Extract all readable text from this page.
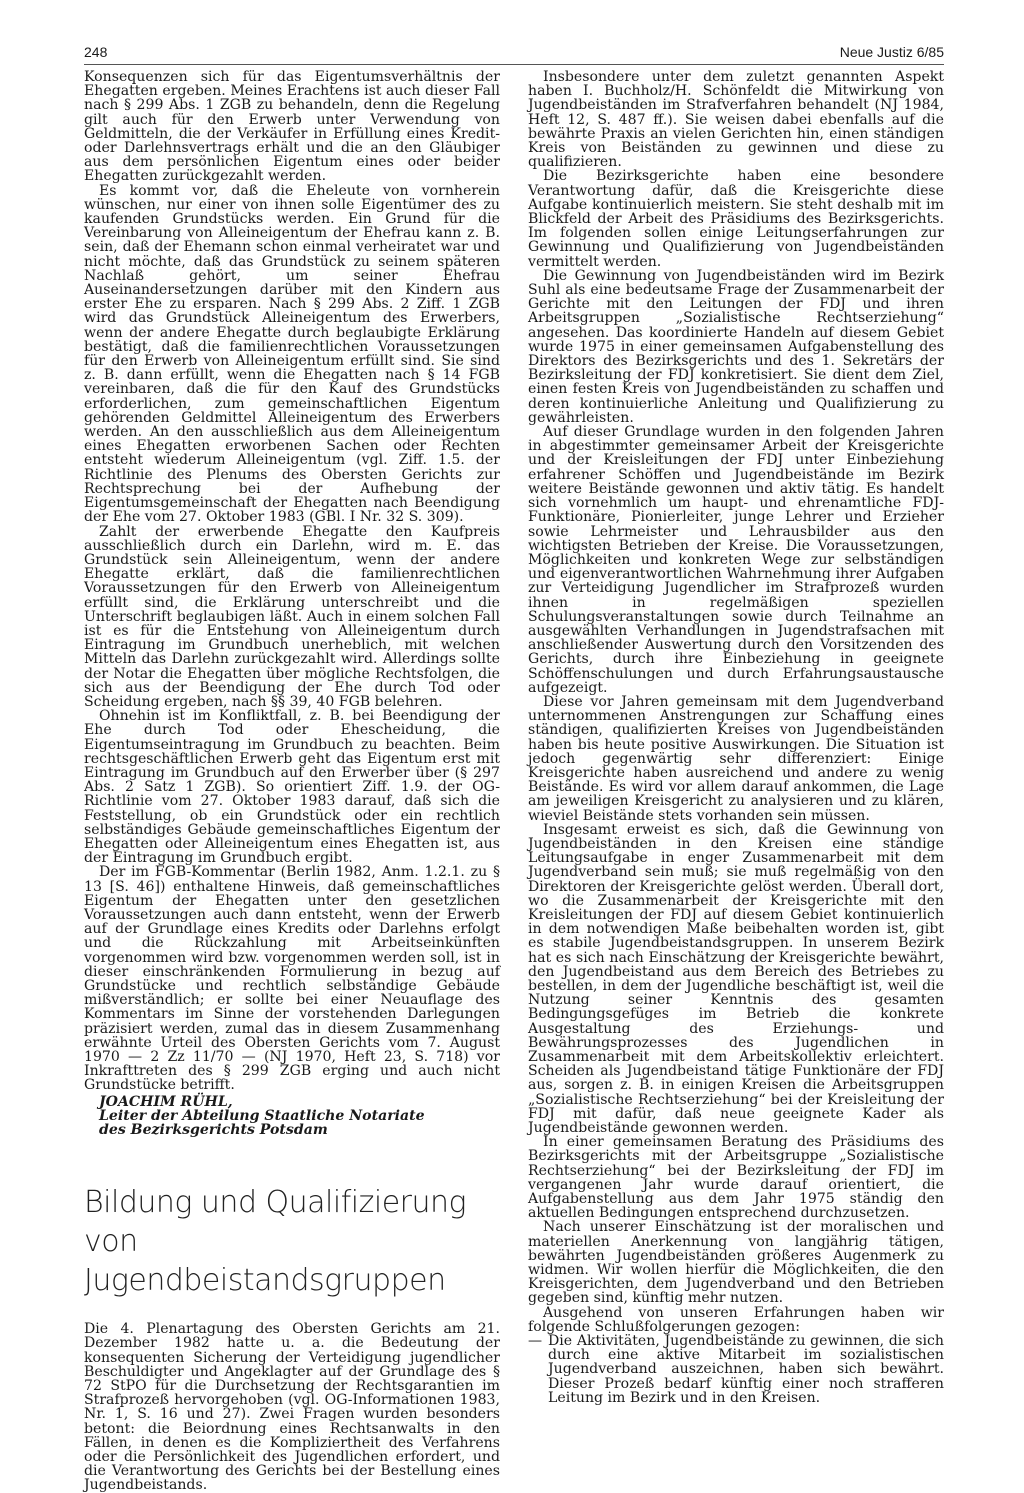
248	Neue Justiz 6/85

Konsequenzen sich für das Eigentumsverhältnis der Ehegatten ergeben. Meines Erachtens ist auch dieser Fall nach § 299 Abs. 1 ZGB zu behandeln, denn die Regelung gilt auch für den Erwerb unter Verwendung von Geldmitteln, die der Verkäufer in Erfüllung eines Kredit- oder Darlehnsvertrags erhält und die an den Gläubiger aus dem persönlichen Eigentum eines oder beider Ehegatten zurückgezahlt werden.

Es kommt vor, daß die Eheleute von vornherein wünschen, nur einer von ihnen solle Eigentümer des zu kaufenden Grundstücks werden. Ein Grund für die Vereinbarung von Alleineigentum der Ehefrau kann z. B. sein, daß der Ehemann schon einmal verheiratet war und nicht möchte, daß das Grundstück zu seinem späteren Nachlaß gehört, um seiner Ehefrau Auseinandersetzungen darüber mit den Kindern aus erster Ehe zu ersparen. Nach § 299 Abs. 2 Ziff. 1 ZGB wird das Grundstück Alleineigentum des Erwerbers, wenn der andere Ehegatte durch beglaubigte Erklärung bestätigt, daß die familienrechtlichen Voraussetzungen für den Erwerb von Alleineigentum erfüllt sind. Sie sind z. B. dann erfüllt, wenn die Ehegatten nach § 14 FGB vereinbaren, daß die für den Kauf des Grundstücks erforderlichen, zum gemeinschaftlichen Eigentum gehörenden Geldmittel Alleineigentum des Erwerbers werden. An den ausschließlich aus dem Alleineigentum eines Ehegatten erworbenen Sachen oder Rechten entsteht wiederum Alleineigentum (vgl. Ziff. 1.5. der Richtlinie des Plenums des Obersten Gerichts zur Rechtsprechung bei der Aufhebung der Eigentumsgemeinschaft der Ehegatten nach Beendigung der Ehe vom 27. Oktober 1983 (GBl. I Nr. 32 S. 309).

Zahlt der erwerbende Ehegatte den Kaufpreis ausschließlich durch ein Darlehn, wird m. E. das Grundstück sein Alleineigentum, wenn der andere Ehegatte erklärt, daß die familienrechtlichen Voraussetzungen für den Erwerb von Alleineigentum erfüllt sind, die Erklärung unterschreibt und die Unterschrift beglaubigen läßt. Auch in einem solchen Fall ist es für die Entstehung von Alleineigentum durch Eintragung im Grundbuch unerheblich, mit welchen Mitteln das Darlehn zurückgezahlt wird. Allerdings sollte der Notar die Ehegatten über mögliche Rechtsfolgen, die sich aus der Beendigung der Ehe durch Tod oder Scheidung ergeben, nach §§ 39, 40 FGB belehren.

Ohnehin ist im Konfliktfall, z. B. bei Beendigung der Ehe durch Tod oder Ehescheidung, die Eigentumseintragung im Grundbuch zu beachten. Beim rechtsgeschäftlichen Erwerb geht das Eigentum erst mit Eintragung im Grundbuch auf den Erwerber über (§ 297 Abs. 2 Satz 1 ZGB). So orientiert Ziff. 1.9. der OG-Richtlinie vom 27. Oktober 1983 darauf, daß sich die Feststellung, ob ein Grundstück oder ein rechtlich selbständiges Gebäude gemeinschaftliches Eigentum der Ehegatten oder Alleineigentum eines Ehegatten ist, aus der Eintragung im Grundbuch ergibt.

Der im FGB-Kommentar (Berlin 1982, Anm. 1.2.1. zu § 13 [S. 46]) enthaltene Hinweis, daß gemeinschaftliches Eigentum der Ehegatten unter den gesetzlichen Voraussetzungen auch dann entsteht, wenn der Erwerb auf der Grundlage eines Kredits oder Darlehns erfolgt und die Rückzahlung mit Arbeitseinkünften vorgenommen wird bzw. vorgenommen werden soll, ist in dieser einschränkenden Formulierung in bezug auf Grundstücke und rechtlich selbständige Gebäude mißverständlich; er sollte bei einer Neuauflage des Kommentars im Sinne der vorstehenden Darlegungen präzisiert werden, zumal das in diesem Zusammenhang erwähnte Urteil des Obersten Gerichts vom 7. August 1970 — 2 Zz 11/70 — (NJ 1970, Heft 23, S. 718) vor Inkrafttreten des § 299 ZGB erging und auch nicht Grundstücke betrifft.

JOACHIM RÜHL,
Leiter der Abteilung Staatliche Notariate
des Bezirksgerichts Potsdam
Bildung und Qualifizierung
von Jugendbeistandsgruppen

Die 4. Plenartagung des Obersten Gerichts am 21. Dezember 1982 hatte u. a. die Bedeutung der konsequenten Sicherung der Verteidigung jugendlicher Beschuldigter und Angeklagter auf der Grundlage des § 72 StPO für die Durchsetzung der Rechtsgarantien im Strafprozeß hervorgehoben (vgl. OG-Informationen 1983, Nr. 1, S. 16 und 27). Zwei Fragen wurden besonders betont: die Beiordnung eines Rechtsanwalts in den Fällen, in denen es die Kompliziertheit des Verfahrens oder die Persönlichkeit des Jugendlichen erfordert, und die Verantwortung des Gerichts bei der Bestellung eines Jugendbeistands.

Insbesondere unter dem zuletzt genannten Aspekt haben I. Buchholz/H. Schönfeldt die Mitwirkung von Jugendbeiständen im Strafverfahren behandelt (NJ 1984, Heft 12, S. 487 ff.). Sie weisen dabei ebenfalls auf die bewährte Praxis an vielen Gerichten hin, einen ständigen Kreis von Beiständen zu gewinnen und diese zu qualifizieren.

Die Bezirksgerichte haben eine besondere Verantwortung dafür, daß die Kreisgerichte diese Aufgabe kontinuierlich meistern. Sie steht deshalb mit im Blickfeld der Arbeit des Präsidiums des Bezirksgerichts. Im folgenden sollen einige Leitungserfahrungen zur Gewinnung und Qualifizierung von Jugendbeiständen vermittelt werden.

Die Gewinnung von Jugendbeiständen wird im Bezirk Suhl als eine bedeutsame Frage der Zusammenarbeit der Gerichte mit den Leitungen der FDJ und ihren Arbeitsgruppen „Sozialistische Rechtserziehung“ angesehen. Das koordinierte Handeln auf diesem Gebiet wurde 1975 in einer gemeinsamen Aufgabenstellung des Direktors des Bezirksgerichts und des 1. Sekretärs der Bezirksleitung der FDJ konkretisiert. Sie dient dem Ziel, einen festen Kreis von Jugendbeiständen zu schaffen und deren kontinuierliche Anleitung und Qualifizierung zu gewährleisten.

Auf dieser Grundlage wurden in den folgenden Jahren in abgestimmter gemeinsamer Arbeit der Kreisgerichte und der Kreisleitungen der FDJ unter Einbeziehung erfahrener Schöffen und Jugendbeistände im Bezirk weitere Beistände gewonnen und aktiv tätig. Es handelt sich vornehmlich um haupt- und ehrenamtliche FDJ-Funktionäre, Pionierleiter, junge Lehrer und Erzieher sowie Lehrmeister und Lehrausbilder aus den wichtigsten Betrieben der Kreise. Die Voraussetzungen, Möglichkeiten und konkreten Wege zur selbständigen und eigenverantwortlichen Wahrnehmung ihrer Aufgaben zur Verteidigung Jugendlicher im Strafprozeß wurden ihnen in regelmäßigen speziellen Schulungsveranstaltungen sowie durch Teilnahme an ausgewählten Verhandlungen in Jugendstrafsachen mit anschließender Auswertung durch den Vorsitzenden des Gerichts, durch ihre Einbeziehung in geeignete Schöffenschulungen und durch Erfahrungsaustausche aufgezeigt.

Diese vor Jahren gemeinsam mit dem Jugendverband unternommenen Anstrengungen zur Schaffung eines ständigen, qualifizierten Kreises von Jugendbeiständen haben bis heute positive Auswirkungen. Die Situation ist jedoch gegenwärtig sehr differenziert: Einige Kreisgerichte haben ausreichend und andere zu wenig Beistände. Es wird vor allem darauf ankommen, die Lage am jeweiligen Kreisgericht zu analysieren und zu klären, wieviel Beistände stets vorhanden sein müssen.

Insgesamt erweist es sich, daß die Gewinnung von Jugendbeiständen in den Kreisen eine ständige Leitungsaufgabe in enger Zusammenarbeit mit dem Jugendverband sein muß; sie muß regelmäßig von den Direktoren der Kreisgerichte gelöst werden. Überall dort, wo die Zusammenarbeit der Kreisgerichte mit den Kreisleitungen der FDJ auf diesem Gebiet kontinuierlich in dem notwendigen Maße beibehalten worden ist, gibt es stabile Jugendbeistandsgruppen. In unserem Bezirk hat es sich nach Einschätzung der Kreisgerichte bewährt, den Jugendbeistand aus dem Bereich des Betriebes zu bestellen, in dem der Jugendliche beschäftigt ist, weil die Nutzung seiner Kenntnis des gesamten Bedingungsgefüges im Betrieb die konkrete Ausgestaltung des Erziehungs- und Bewährungsprozesses des Jugendlichen in Zusammenarbeit mit dem Arbeitskollektiv erleichtert. Scheiden als Jugendbeistand tätige Funktionäre der FDJ aus, sorgen z. B. in einigen Kreisen die Arbeitsgruppen „Sozialistische Rechtserziehung“ bei der Kreisleitung der FDJ mit dafür, daß neue geeignete Kader als Jugendbeistände gewonnen werden.

In einer gemeinsamen Beratung des Präsidiums des Bezirksgerichts mit der Arbeitsgruppe „Sozialistische Rechtserziehung“ bei der Bezirksleitung der FDJ im vergangenen Jahr wurde darauf orientiert, die Aufgabenstellung aus dem Jahr 1975 ständig den aktuellen Bedingungen entsprechend durchzusetzen.

Nach unserer Einschätzung ist der moralischen und materiellen Anerkennung von langjährig tätigen, bewährten Jugendbeiständen größeres Augenmerk zu widmen. Wir wollen hierfür die Möglichkeiten, die den Kreisgerichten, dem Jugendverband und den Betrieben gegeben sind, künftig mehr nutzen.

Ausgehend von unseren Erfahrungen haben wir folgende Schlußfolgerungen gezogen:

— Die Aktivitäten, Jugendbeistände zu gewinnen, die sich durch eine aktive Mitarbeit im sozialistischen Jugendverband auszeichnen, haben sich bewährt. Dieser Prozeß bedarf künftig einer noch strafferen Leitung im Bezirk und in den Kreisen.
